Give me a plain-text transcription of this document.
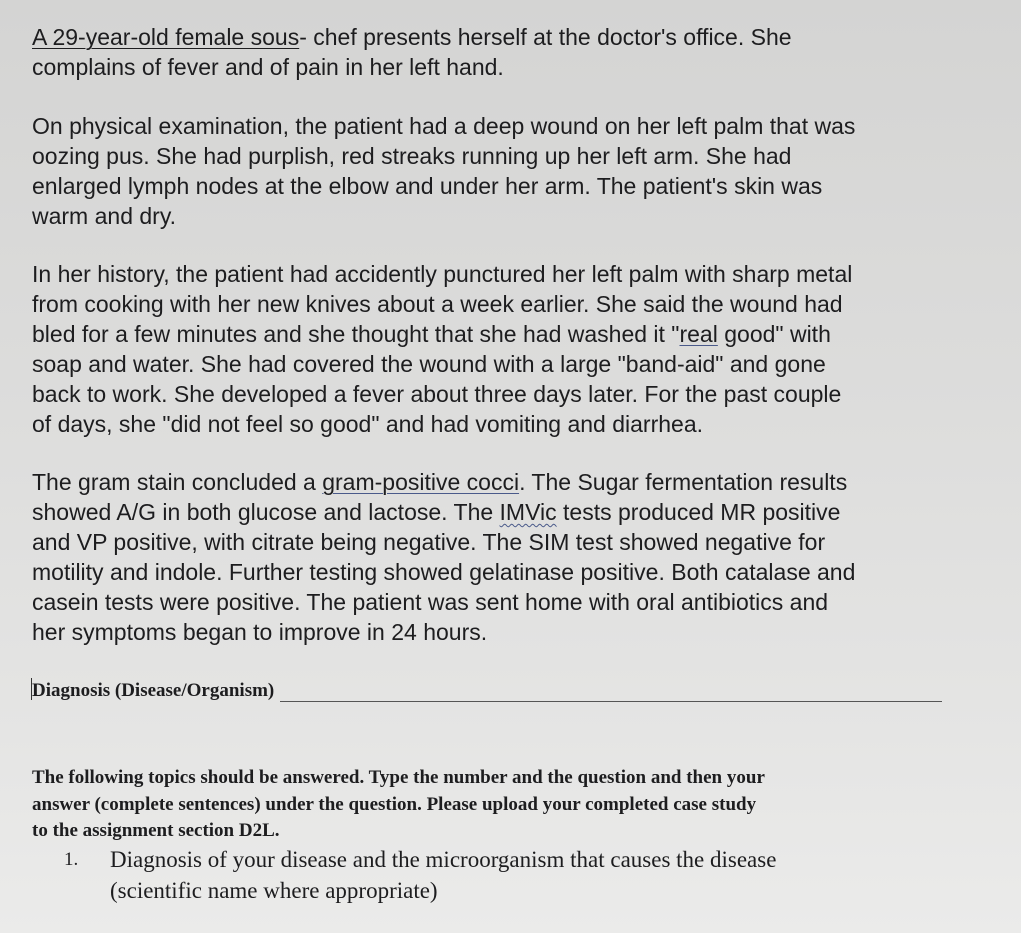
A 29-year-old female sous- chef presents herself at the doctor's office. She
complains of fever and of pain in her left hand.

On physical examination, the patient had a deep wound on her left palm that was
oozing pus. She had purplish, red streaks running up her left arm. She had
enlarged lymph nodes at the elbow and under her arm. The patient's skin was
warm and dry.

In her history, the patient had accidently punctured her left palm with sharp metal
from cooking with her new knives about a week earlier. She said the wound had
bled for a few minutes and she thought that she had washed it "real good" with
soap and water. She had covered the wound with a large "band-aid" and gone
back to work. She developed a fever about three days later. For the past couple
of days, she "did not feel so good" and had vomiting and diarrhea.

The gram stain concluded a gram-positive cocci. The Sugar fermentation results
showed A/G in both glucose and lactose. The IMVic tests produced MR positive
and VP positive, with citrate being negative. The SIM test showed negative for
motility and indole. Further testing showed gelatinase positive. Both catalase and
casein tests were positive. The patient was sent home with oral antibiotics and
her symptoms began to improve in 24 hours.

Diagnosis (Disease/Organism)
The following topics should be answered. Type the number and the question and then your
answer (complete sentences) under the question. Please upload your completed case study
to the assignment section D2L.
1.	Diagnosis of your disease and the microorganism that causes the disease
(scientific name where appropriate)
